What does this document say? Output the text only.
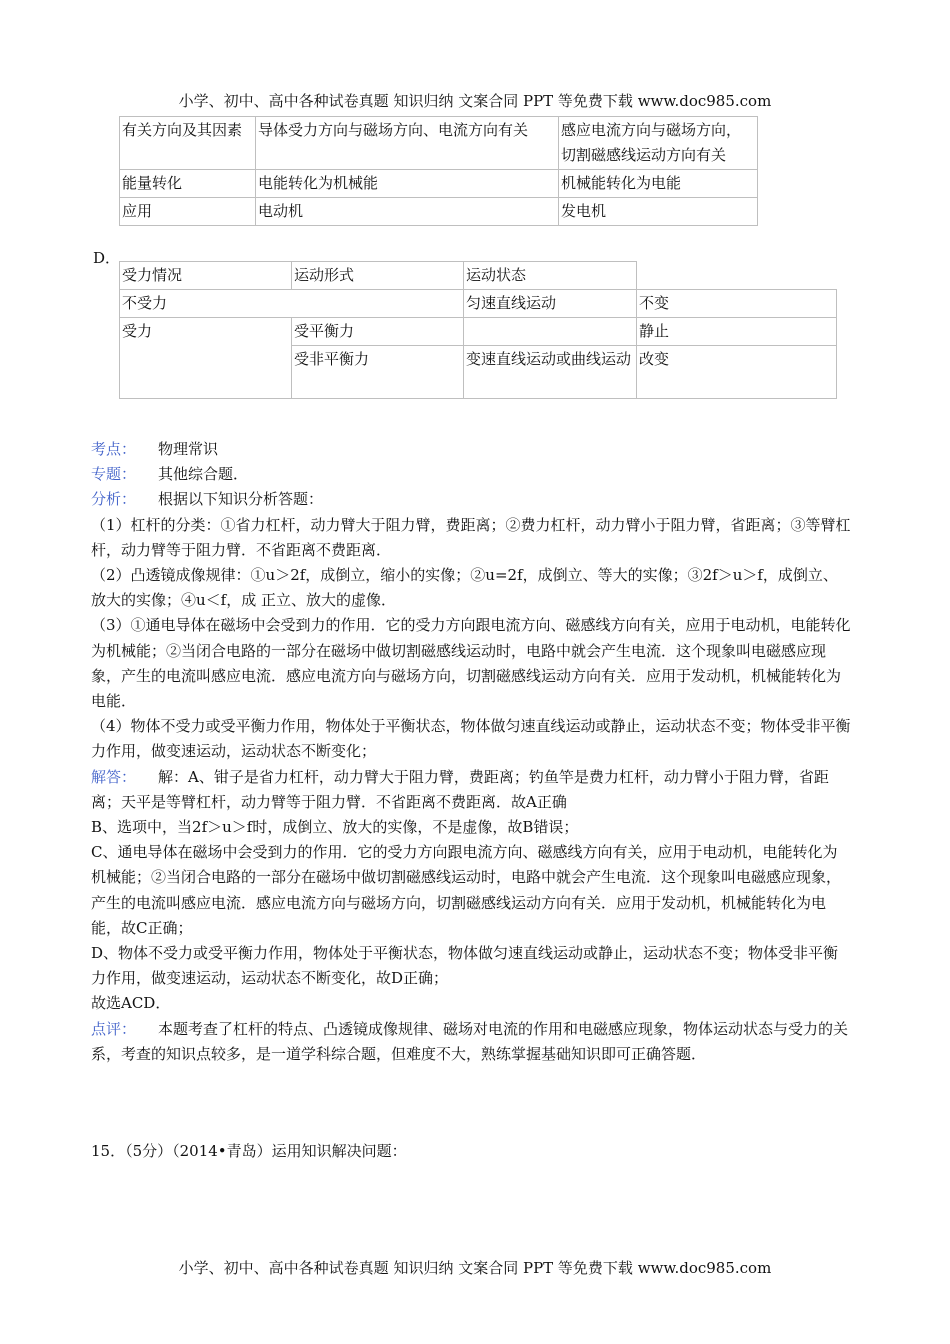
小学、初中、高中各种试卷真题 知识归纳 文案合同 PPT 等免费下载 www.doc985.com
有关方向及其因素	导体受力方向与磁场方向、电流方向有关	感应电流方向与磁场方向，切割磁感线运动方向有关
能量转化	电能转化为机械能	机械能转化为电能
应用	电动机	发电机
D．
受力情况	运动形式	运动状态	
不受力		匀速直线运动	不变
受力	受平衡力		静止
	受非平衡力	变速直线运动或曲线运动	改变

考点： 物理常识

专题： 其他综合题．

分析： 根据以下知识分析答题：

（1）杠杆的分类：①省力杠杆，动力臂大于阻力臂，费距离；②费力杠杆，动力臂小于阻力臂，省距离；③等臂杠杆，动力臂等于阻力臂．不省距离不费距离．

（2）凸透镜成像规律：①u＞2f，成倒立，缩小的实像；②u=2f，成倒立、等大的实像；③2f＞u＞f，成倒立、放大的实像；④u＜f，成 正立、放大的虚像．

（3）①通电导体在磁场中会受到力的作用．它的受力方向跟电流方向、磁感线方向有关，应用于电动机，电能转化为机械能；②当闭合电路的一部分在磁场中做切割磁感线运动时，电路中就会产生电流．这个现象叫电磁感应现象，产生的电流叫感应电流．感应电流方向与磁场方向，切割磁感线运动方向有关．应用于发动机，机械能转化为电能．

（4）物体不受力或受平衡力作用，物体处于平衡状态，物体做匀速直线运动或静止，运动状态不变；物体受非平衡力作用，做变速运动，运动状态不断变化；

解答： 解：A、钳子是省力杠杆，动力臂大于阻力臂，费距离；钓鱼竿是费力杠杆，动力臂小于阻力臂，省距离；天平是等臂杠杆，动力臂等于阻力臂．不省距离不费距离．故A正确

B、选项中，当2f＞u＞f时，成倒立、放大的实像，不是虚像，故B错误；

C、通电导体在磁场中会受到力的作用．它的受力方向跟电流方向、磁感线方向有关，应用于电动机，电能转化为机械能；②当闭合电路的一部分在磁场中做切割磁感线运动时，电路中就会产生电流．这个现象叫电磁感应现象，产生的电流叫感应电流．感应电流方向与磁场方向，切割磁感线运动方向有关．应用于发动机，机械能转化为电能，故C正确；

D、物体不受力或受平衡力作用，物体处于平衡状态，物体做匀速直线运动或静止，运动状态不变；物体受非平衡力作用，做变速运动，运动状态不断变化，故D正确；

故选ACD．

点评： 本题考查了杠杆的特点、凸透镜成像规律、磁场对电流的作用和电磁感应现象，物体运动状态与受力的关系，考查的知识点较多，是一道学科综合题，但难度不大，熟练掌握基础知识即可正确答题．

15．（5分）（2014•青岛）运用知识解决问题：
小学、初中、高中各种试卷真题 知识归纳 文案合同 PPT 等免费下载 www.doc985.com
